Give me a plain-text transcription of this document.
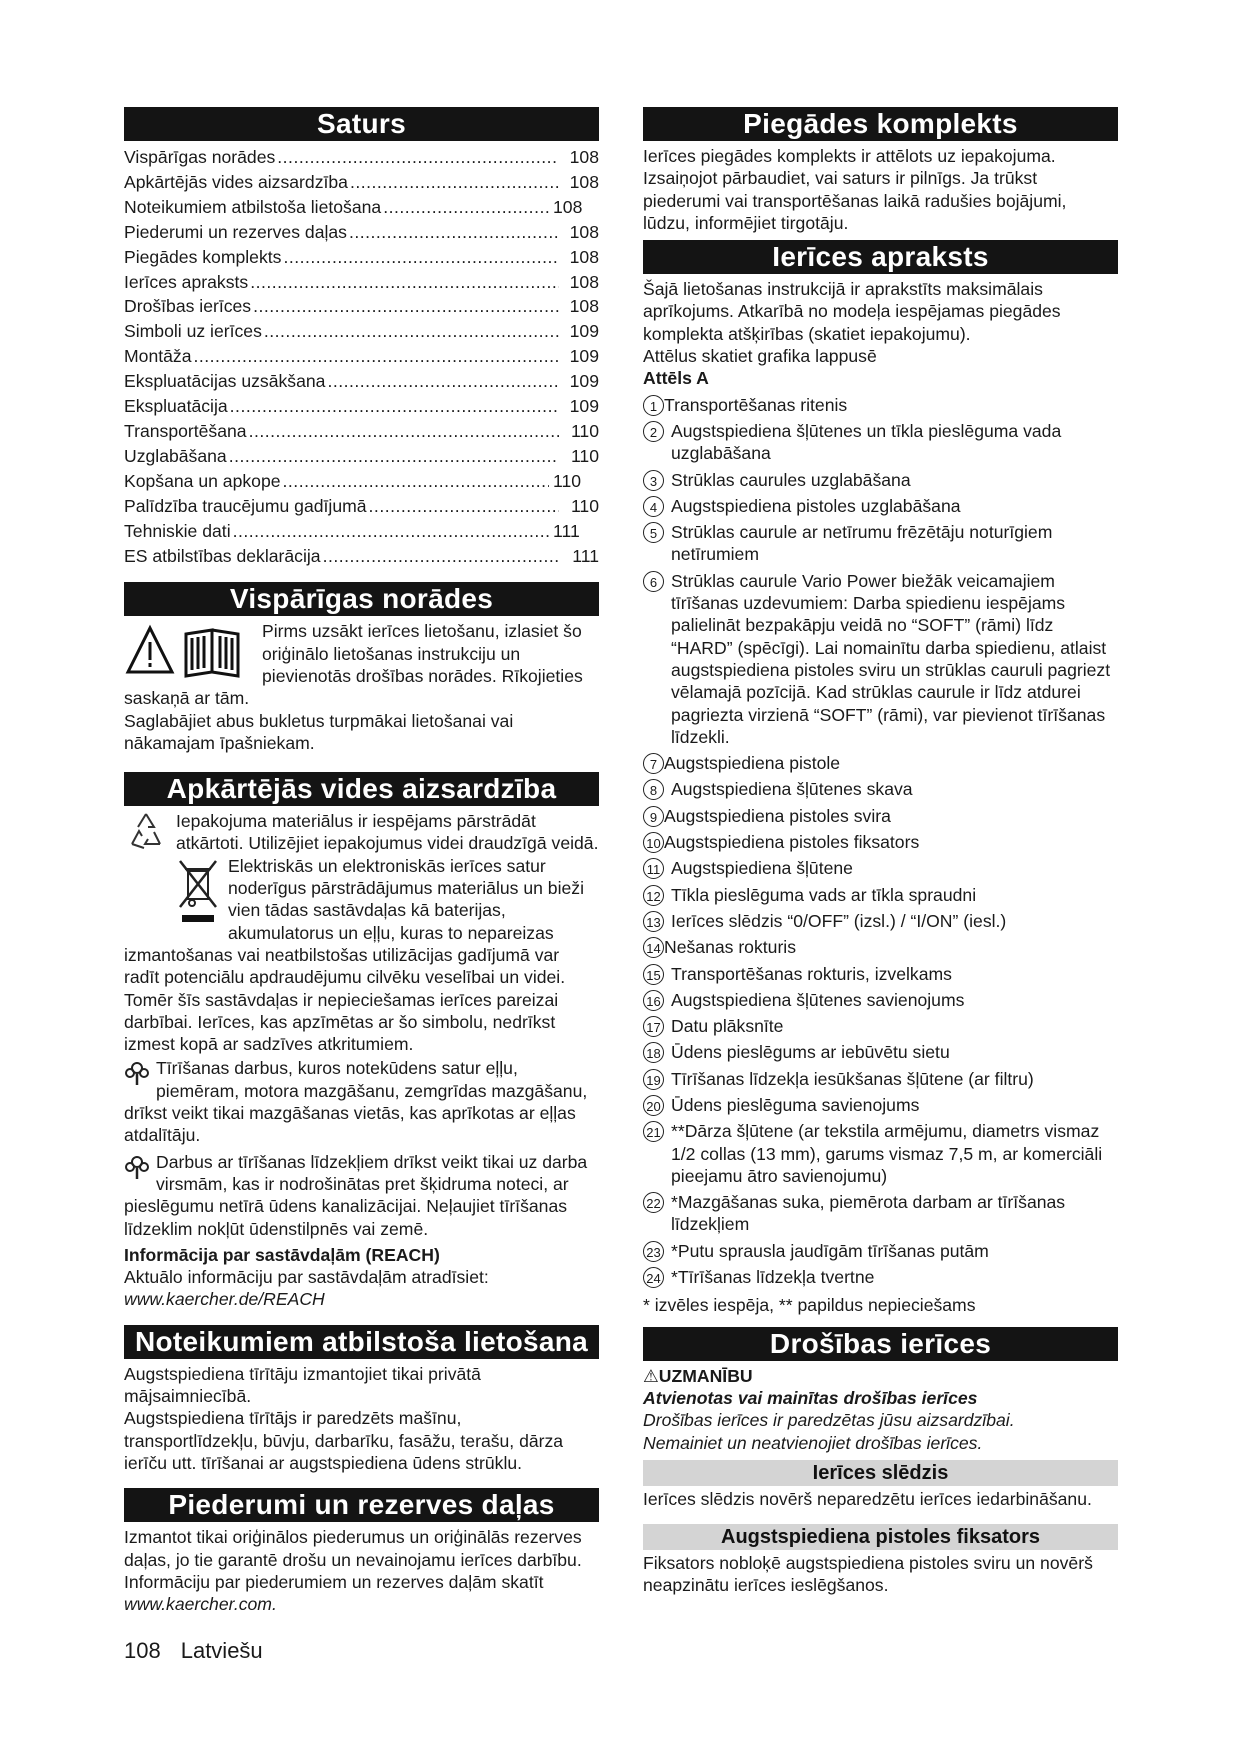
Saturs
Vispārīgas norādes .....	108
Apkārtējās vides aizsardzība .....	108
Noteikumiem atbilstoša lietošana .....	108
Piederumi un rezerves daļas .....	108
Piegādes komplekts .....	108
Ierīces apraksts .....	108
Drošības ierīces .....	108
Simboli uz ierīces .....	109
Montāža .....	109
Ekspluatācijas uzsākšana .....	109
Ekspluatācija .....	109
Transportēšana .....	110
Uzglabāšana .....	110
Kopšana un apkope .....	110
Palīdzība traucējumu gadījumā .....	110
Tehniskie dati .....	111
ES atbilstības deklarācija .....	111
Vispārīgas norādes

Pirms uzsākt ierīces lietošanu, izlasiet šo oriģinālo lietošanas instrukciju un pievienotās drošības norādes. Rīkojieties saskaņā ar tām.

Saglabājiet abus bukletus turpmākai lietošanai vai nākamajam īpašniekam.

Apkārtējās vides aizsardzība

Iepakojuma materiālus ir iespējams pārstrādāt atkārtoti. Utilizējiet iepakojumus videi draudzīgā veidā.

Elektriskās un elektroniskās ierīces satur noderīgus pārstrādājumus materiālus un bieži vien tādas sastāvdaļas kā baterijas, akumulatorus un eļļu, kuras to nepareizas izmantošanas vai neatbilstošas utilizācijas gadījumā var radīt potenciālu apdraudējumu cilvēku veselībai un videi. Tomēr šīs sastāvdaļas ir nepieciešamas ierīces pareizai darbībai. Ierīces, kas apzīmētas ar šo simbolu, nedrīkst izmest kopā ar sadzīves atkritumiem.

Tīrīšanas darbus, kuros notekūdens satur eļļu, piemēram, motora mazgāšanu, zemgrīdas mazgāšanu, drīkst veikt tikai mazgāšanas vietās, kas aprīkotas ar eļļas atdalītāju.

Darbus ar tīrīšanas līdzekļiem drīkst veikt tikai uz darba virsmām, kas ir nodrošinātas pret šķidruma noteci, ar pieslēgumu netīrā ūdens kanalizācijai. Neļaujiet tīrīšanas līdzeklim nokļūt ūdenstilpnēs vai zemē.

Informācija par sastāvdaļām (REACH)

Aktuālo informāciju par sastāvdaļām atradīsiet:

www.kaercher.de/REACH

Noteikumiem atbilstoša lietošana

Augstspiediena tīrītāju izmantojiet tikai privātā mājsaimniecībā.

Augstspiediena tīrītājs ir paredzēts mašīnu, transportlīdzekļu, būvju, darbarīku, fasāžu, terašu, dārza ierīču utt. tīrīšanai ar augstspiediena ūdens strūklu.

Piederumi un rezerves daļas

Izmantot tikai oriģinālos piederumus un oriģinālās rezerves daļas, jo tie garantē drošu un nevainojamu ierīces darbību.

Informāciju par piederumiem un rezerves daļām skatīt

www.kaercher.com.

Piegādes komplekts

Ierīces piegādes komplekts ir attēlots uz iepakojuma. Izsaiņojot pārbaudiet, vai saturs ir pilnīgs. Ja trūkst piederumi vai transportēšanas laikā radušies bojājumi, lūdzu, informējiet tirgotāju.

Ierīces apraksts

Šajā lietošanas instrukcijā ir aprakstīts maksimālais aprīkojums. Atkarībā no modeļa iespējamas piegādes komplekta atšķirības (skatiet iepakojumu).

Attēlus skatiet grafika lappusē

Attēls A

1 Transportēšanas ritenis
2 Augstspiediena šļūtenes un tīkla pieslēguma vada uzglabāšana
3 Strūklas caurules uzglabāšana
4 Augstspiediena pistoles uzglabāšana
5 Strūklas caurule ar netīrumu frēzētāju noturīgiem netīrumiem
6 Strūklas caurule Vario Power biežāk veicamajiem tīrīšanas uzdevumiem: Darba spiedienu iespējams palielināt bezpakāpju veidā no “SOFT” (rāmi) līdz “HARD” (spēcīgi). Lai nomainītu darba spiedienu, atlaist augstspiediena pistoles sviru un strūklas cauruli pagriezt vēlamajā pozīcijā. Kad strūklas caurule ir līdz atdurei pagriezta virzienā “SOFT” (rāmi), var pievienot tīrīšanas līdzekli.
7 Augstspiediena pistole
8 Augstspiediena šļūtenes skava
9 Augstspiediena pistoles svira
10 Augstspiediena pistoles fiksators
11 Augstspiediena šļūtene
12 Tīkla pieslēguma vads ar tīkla spraudni
13 Ierīces slēdzis “0/OFF” (izsl.) / “I/ON” (iesl.)
14 Nešanas rokturis
15 Transportēšanas rokturis, izvelkams
16 Augstspiediena šļūtenes savienojums
17 Datu plāksnīte
18 Ūdens pieslēgums ar iebūvētu sietu
19 Tīrīšanas līdzekļa iesūkšanas šļūtene (ar filtru)
20 Ūdens pieslēguma savienojums
21 **Dārza šļūtene (ar tekstila armējumu, diametrs vismaz 1/2 collas (13 mm), garums vismaz 7,5 m, ar komerciāli pieejamu ātro savienojumu)
22 *Mazgāšanas suka, piemērota darbam ar tīrīšanas līdzekļiem
23 *Putu sprausla jaudīgām tīrīšanas putām
24 *Tīrīšanas līdzekļa tvertne

* izvēles iespēja, ** papildus nepieciešams

Drošības ierīces

⚠UZMANĪBU

Atvienotas vai mainītas drošības ierīces

Drošības ierīces ir paredzētas jūsu aizsardzībai.

Nemainiet un neatvienojiet drošības ierīces.

Ierīces slēdzis

Ierīces slēdzis novērš neparedzētu ierīces iedarbināšanu.

Augstspiediena pistoles fiksators

Fiksators nobloķē augstspiediena pistoles sviru un novērš neapzinātu ierīces ieslēgšanos.

108 Latviešu
